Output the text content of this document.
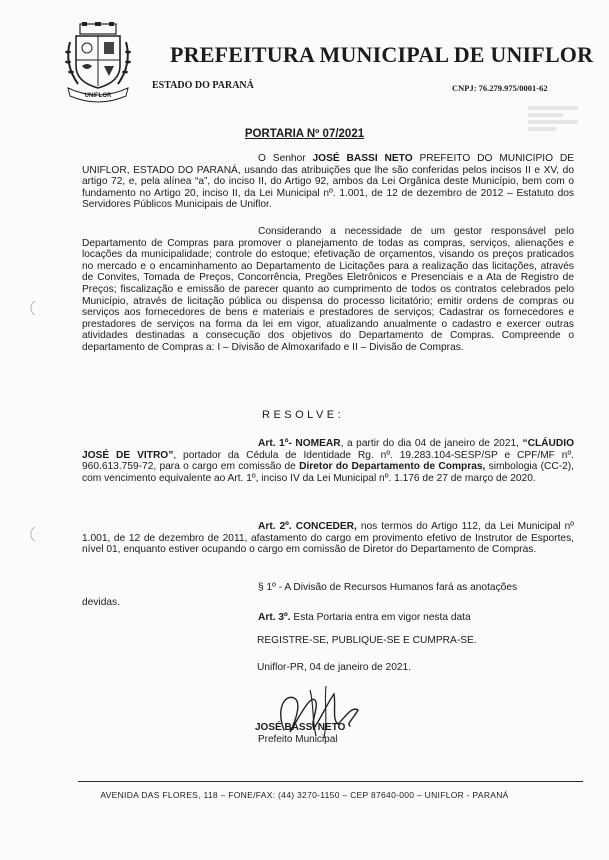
UNIFLOR
PREFEITURA MUNICIPAL DE UNIFLOR
ESTADO DO PARANÁ	CNPJ: 76.279.975/0001-62
PORTARIA Nº 07/2021
O Senhor JOSÉ BASSI NETO PREFEITO DO MUNICIPIO DE UNIFLOR, ESTADO DO PARANÁ, usando das atribuições que lhe são conferidas pelos incisos II e XV, do artigo 72, e, pela alínea “a”, do inciso II, do Artigo 92, ambos da Lei Orgânica deste Município, bem com o fundamento no Artigo 20, inciso II, da Lei Municipal nº. 1.001, de 12 de dezembro de 2012 – Estatuto dos Servidores Públicos Municipais de Uniflor.
Considerando a necessidade de um gestor responsável pelo Departamento de Compras para promover o planejamento de todas as compras, serviços, alienações e locações da municipalidade; controle do estoque; efetivação de orçamentos, visando os preços praticados no mercado e o encaminhamento ao Departamento de Licitações para a realização das licitações, através de Convites, Tomada de Preços, Concorrência, Pregões Eletrônicos e Presenciais e a Ata de Registro de Preços; fiscalização e emissão de parecer quanto ao cumprimento de todos os contratos celebrados pelo Município, através de licitação pública ou dispensa do processo licitatório; emitir ordens de compras ou serviços aos fornecedores de bens e materiais e prestadores de serviços; Cadastrar os fornecedores e prestadores de serviços na forma da lei em vigor, atualizando anualmente o cadastro e exercer outras atividades destinadas a consecução dos objetivos do Departamento de Compras. Compreende o departamento de Compras a: I – Divisão de Almoxarifado e II – Divisão de Compras.
RESOLVE:
Art. 1º- NOMEAR, a partir do dia 04 de janeiro de 2021, “CLÁUDIO JOSÉ DE VITRO”, portador da Cédula de Identidade Rg. nº. 19.283.104-SESP/SP e CPF/MF nº. 960.613.759-72, para o cargo em comissão de Diretor do Departamento de Compras, simbologia (CC-2), com vencimento equivalente ao Art. 1º, inciso IV da Lei Municipal nº. 1.176 de 27 de março de 2020.
Art. 2º. CONCEDER, nos termos do Artigo 112, da Lei Municipal nº 1.001, de 12 de dezembro de 2011, afastamento do cargo em provimento efetivo de Instrutor de Esportes, nível 01, enquanto estiver ocupando o cargo em comissão de Diretor do Departamento de Compras.
§ 1º - A Divisão de Recursos Humanos fará as anotações
devidas.
Art. 3º. Esta Portaria entra em vigor nesta data
REGISTRE-SE, PUBLIQUE-SE E CUMPRA-SE.
Uniflor-PR, 04 de janeiro de 2021.
JOSÉ BASSI NETO
Prefeito Municipal
AVENIDA DAS FLORES, 118 – FONE/FAX: (44) 3270-1150 – CEP 87640-000 – UNIFLOR - PARANÁ
